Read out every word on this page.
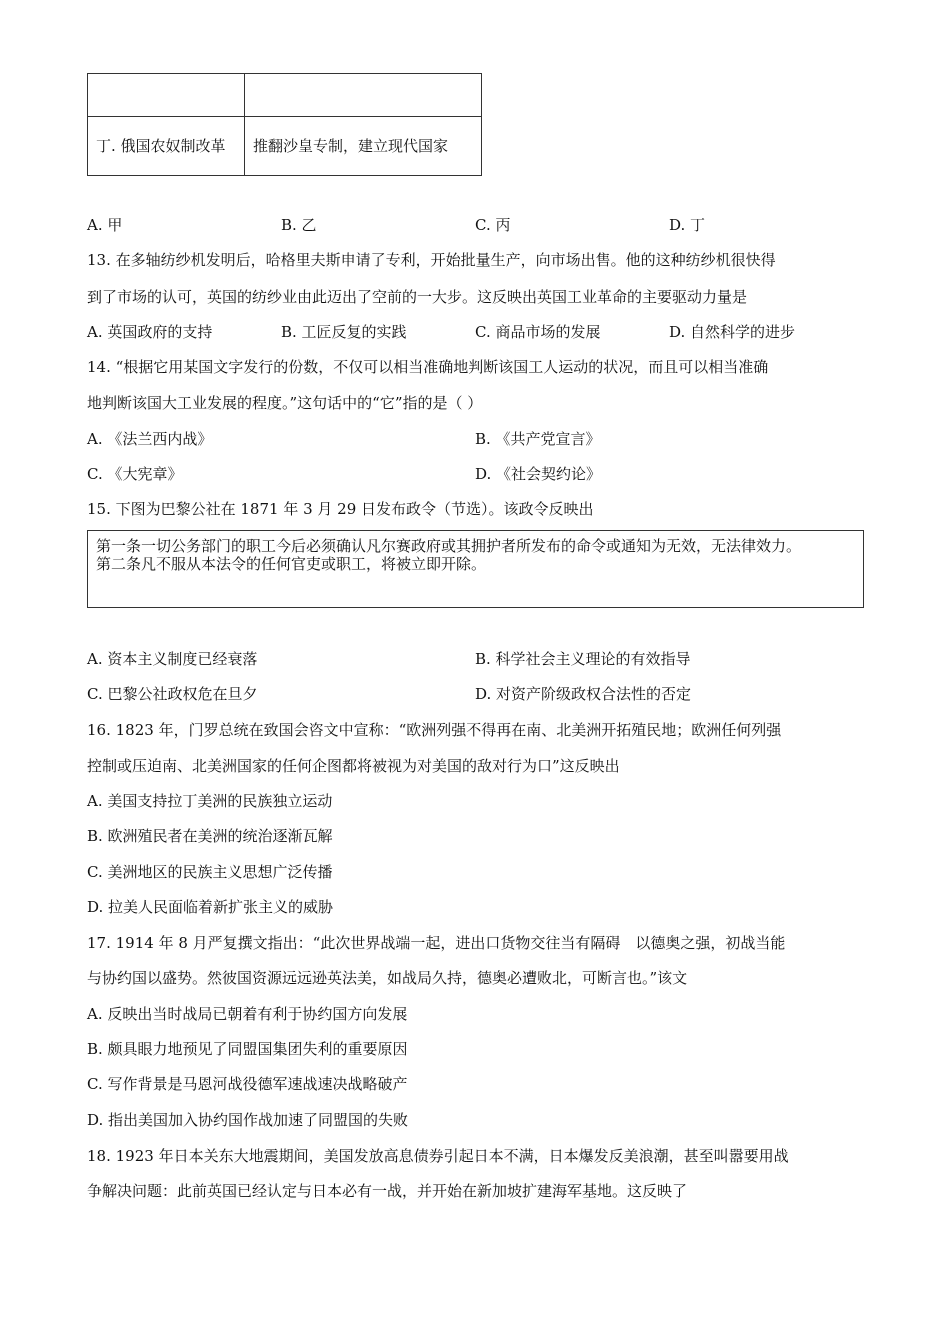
丁. 俄国农奴制改革	推翻沙皇专制，建立现代国家
A. 甲	B. 乙	C. 丙	D. 丁
13. 在多轴纺纱机发明后，哈格里夫斯申请了专利，开始批量生产，向市场出售。他的这种纺纱机很快得
到了市场的认可，英国的纺纱业由此迈出了空前的一大步。这反映出英国工业革命的主要驱动力量是
A. 英国政府的支持	B. 工匠反复的实践	C. 商品市场的发展	D. 自然科学的进步
14. “根据它用某国文字发行的份数，不仅可以相当准确地判断该国工人运动的状况，而且可以相当准确
地判断该国大工业发展的程度。”这句话中的“它”指的是（ ）
A. 《法兰西内战》	B. 《共产党宣言》
C. 《大宪章》	D. 《社会契约论》
15. 下图为巴黎公社在 1871 年 3 月 29 日发布政令（节选）。该政令反映出
第一条一切公务部门的职工今后必须确认凡尔赛政府或其拥护者所发布的命令或通知为无效，无法律效力。
第二条凡不服从本法令的任何官吏或职工，将被立即开除。
A. 资本主义制度已经衰落	B. 科学社会主义理论的有效指导
C. 巴黎公社政权危在旦夕	D. 对资产阶级政权合法性的否定
16. 1823 年，门罗总统在致国会咨文中宣称：“欧洲列强不得再在南、北美洲开拓殖民地；欧洲任何列强
控制或压迫南、北美洲国家的任何企图都将被视为对美国的敌对行为口”这反映出
A. 美国支持拉丁美洲的民族独立运动
B. 欧洲殖民者在美洲的统治逐渐瓦解
C. 美洲地区的民族主义思想广泛传播
D. 拉美人民面临着新扩张主义的威胁
17. 1914 年 8 月严复撰文指出：“此次世界战端一起，进出口货物交往当有隔碍　以德奥之强，初战当能
与协约国以盛势。然彼国资源远远逊英法美，如战局久持，德奥必遭败北，可断言也。”该文
A. 反映出当时战局已朝着有利于协约国方向发展
B. 颇具眼力地预见了同盟国集团失利的重要原因
C. 写作背景是马恩河战役德军速战速决战略破产
D. 指出美国加入协约国作战加速了同盟国的失败
18. 1923 年日本关东大地震期间，美国发放高息债券引起日本不满，日本爆发反美浪潮，甚至叫嚣要用战
争解决问题：此前英国已经认定与日本必有一战，并开始在新加坡扩建海军基地。这反映了
